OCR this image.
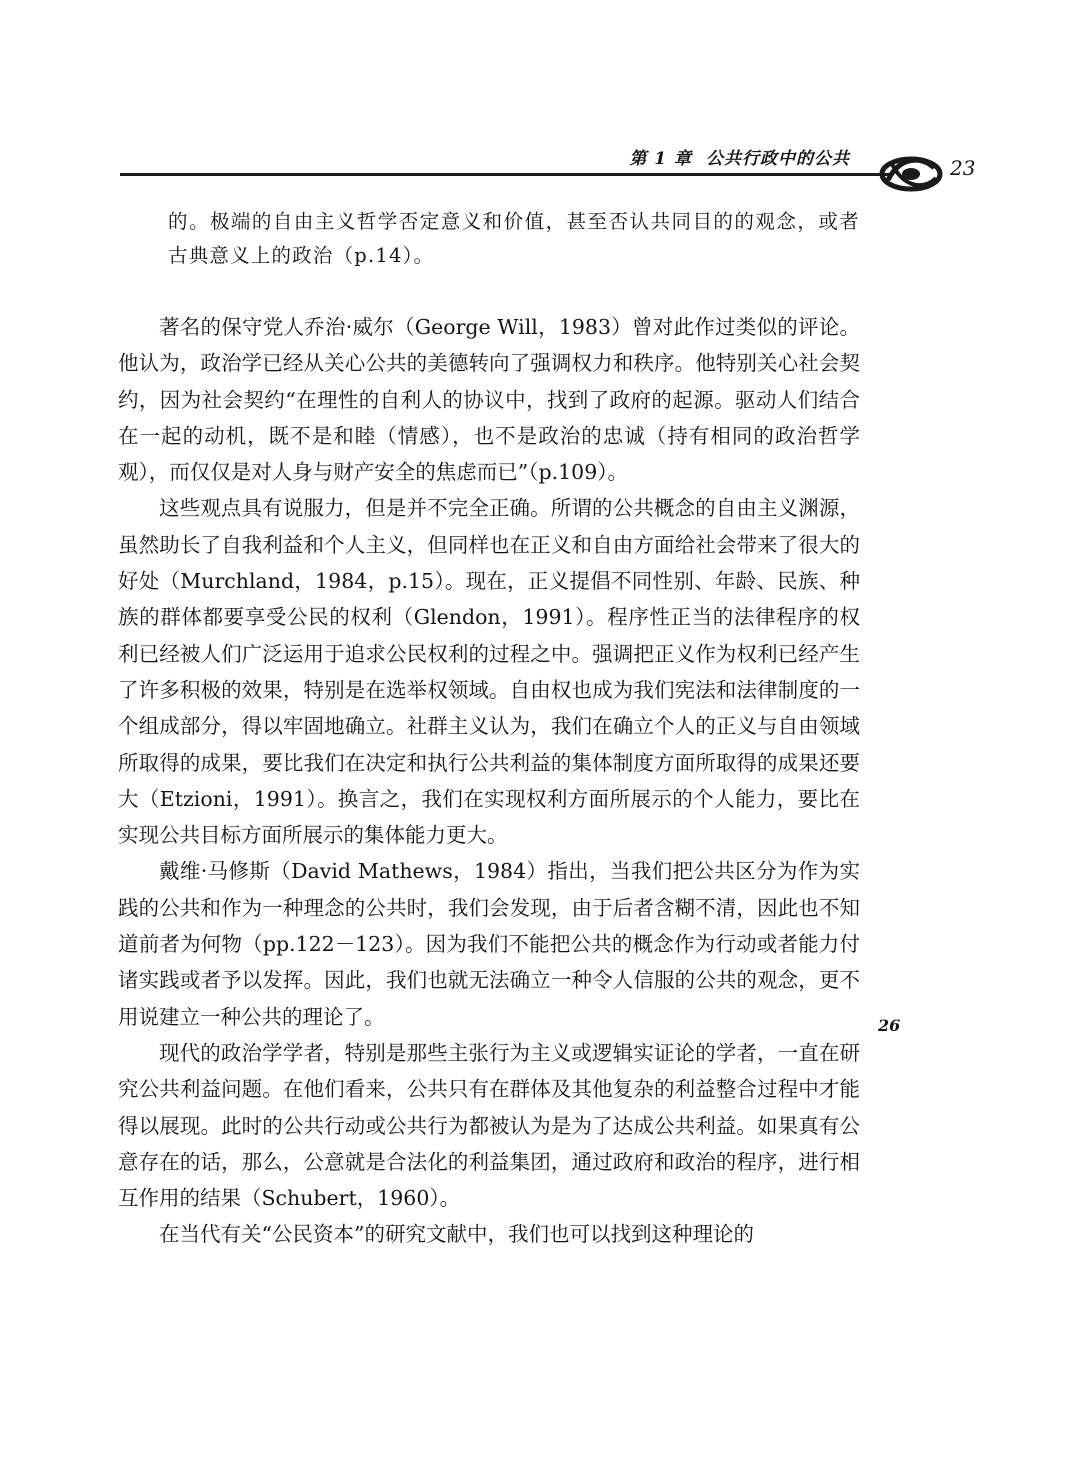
第 1 章 公共行政中的公共	23

的。极端的自由主义哲学否定意义和价值，甚至否认共同目的的观念，或者古典意义上的政治（p.14）。

著名的保守党人乔治·威尔（George Will，1983）曾对此作过类似的评论。他认为，政治学已经从关心公共的美德转向了强调权力和秩序。他特别关心社会契约，因为社会契约“在理性的自利人的协议中，找到了政府的起源。驱动人们结合在一起的动机，既不是和睦（情感），也不是政治的忠诚（持有相同的政治哲学观），而仅仅是对人身与财产安全的焦虑而已”（p.109）。

这些观点具有说服力，但是并不完全正确。所谓的公共概念的自由主义渊源，虽然助长了自我利益和个人主义，但同样也在正义和自由方面给社会带来了很大的好处（Murchland，1984，p.15）。现在，正义提倡不同性别、年龄、民族、种族的群体都要享受公民的权利（Glendon，1991）。程序性正当的法律程序的权利已经被人们广泛运用于追求公民权利的过程之中。强调把正义作为权利已经产生了许多积极的效果，特别是在选举权领域。自由权也成为我们宪法和法律制度的一个组成部分，得以牢固地确立。社群主义认为，我们在确立个人的正义与自由领域所取得的成果，要比我们在决定和执行公共利益的集体制度方面所取得的成果还要大（Etzioni，1991）。换言之，我们在实现权利方面所展示的个人能力，要比在实现公共目标方面所展示的集体能力更大。

戴维·马修斯（David Mathews，1984）指出，当我们把公共区分为作为实践的公共和作为一种理念的公共时，我们会发现，由于后者含糊不清，因此也不知道前者为何物（pp.122－123）。因为我们不能把公共的概念作为行动或者能力付诸实践或者予以发挥。因此，我们也就无法确立一种令人信服的公共的观念，更不用说建立一种公共的理论了。

现代的政治学学者，特别是那些主张行为主义或逻辑实证论的学者，一直在研究公共利益问题。在他们看来，公共只有在群体及其他复杂的利益整合过程中才能得以展现。此时的公共行动或公共行为都被认为是为了达成公共利益。如果真有公意存在的话，那么，公意就是合法化的利益集团，通过政府和政治的程序，进行相互作用的结果（Schubert，1960）。

在当代有关“公民资本”的研究文献中，我们也可以找到这种理论的

26
